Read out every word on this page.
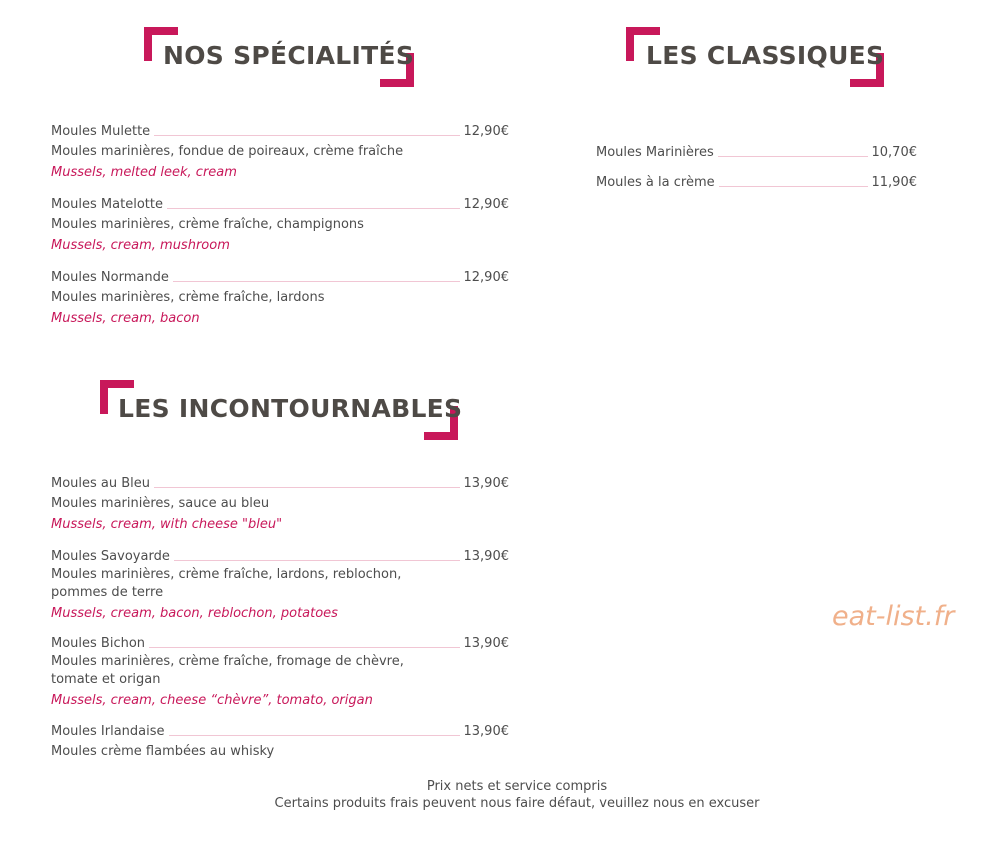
NOS SPÉCIALITÉS	LES CLASSIQUES
LES INCONTOURNABLES
Moules Mulette	12,90€
Moules marinières, fondue de poireaux, crème fraîche
Mussels, melted leek, cream
Moules Matelotte	12,90€
Moules marinières, crème fraîche, champignons
Mussels, cream, mushroom
Moules Normande	12,90€
Moules marinières, crème fraîche, lardons
Mussels, cream, bacon
Moules Marinières	10,70€
Moules à la crème	11,90€
Moules au Bleu	13,90€
Moules marinières, sauce au bleu
Mussels, cream, with cheese "bleu"
Moules Savoyarde	13,90€
Moules marinières, crème fraîche, lardons, reblochon,
pommes de terre
Mussels, cream, bacon, reblochon, potatoes
Moules Bichon	13,90€
Moules marinières, crème fraîche, fromage de chèvre,
tomate et origan
Mussels, cream, cheese “chèvre”, tomato, origan
Moules Irlandaise	13,90€
Moules crème flambées au whisky
eat-list.fr
Prix nets et service compris
Certains produits frais peuvent nous faire défaut, veuillez nous en excuser
